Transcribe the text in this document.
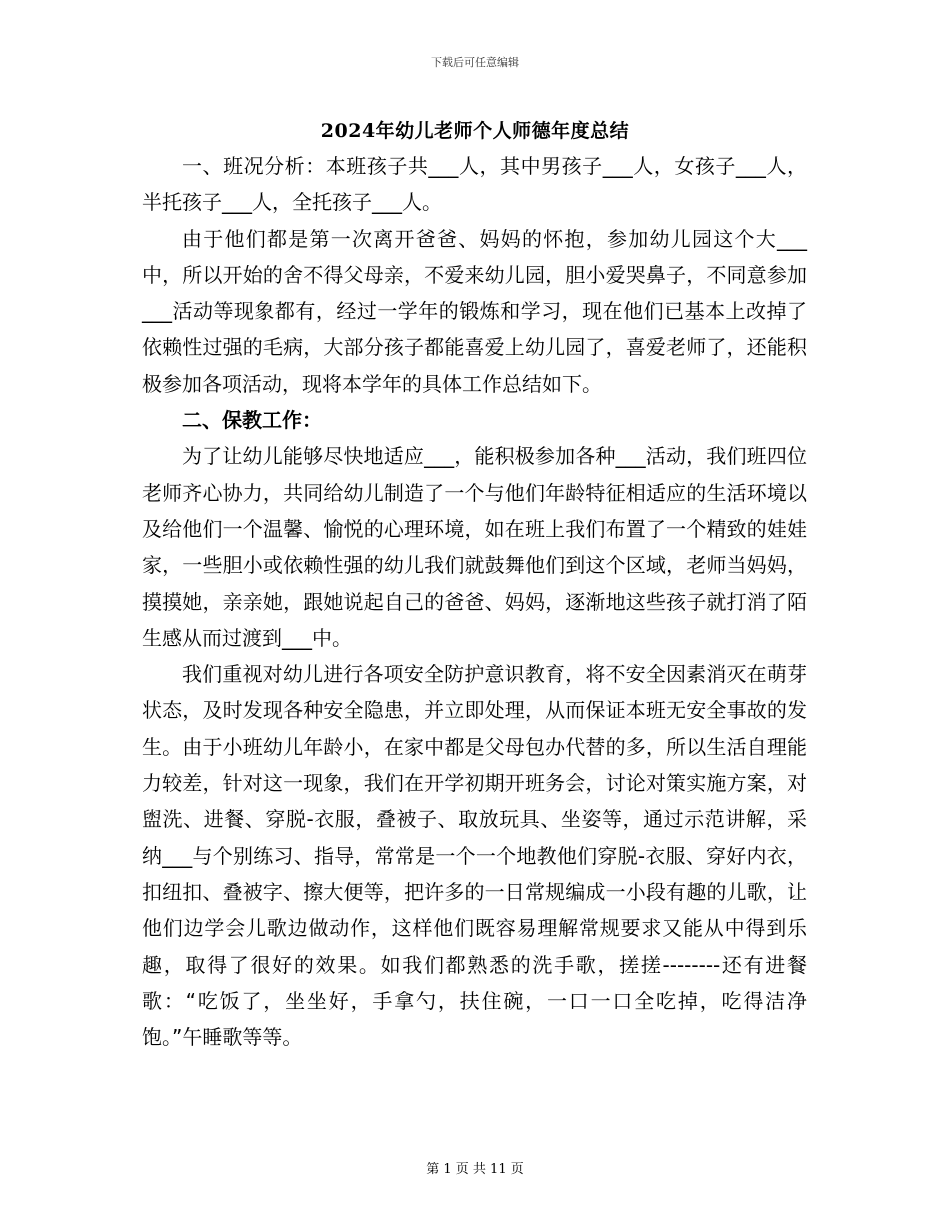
下载后可任意编辑
2024年幼儿老师个人师德年度总结

一、班况分析：本班孩子共___人，其中男孩子___人，女孩子___人，半托孩子___人，全托孩子___人。

由于他们都是第一次离开爸爸、妈妈的怀抱，参加幼儿园这个大___中，所以开始的舍不得父母亲，不爱来幼儿园，胆小爱哭鼻子，不同意参加___活动等现象都有，经过一学年的锻炼和学习，现在他们已基本上改掉了依赖性过强的毛病，大部分孩子都能喜爱上幼儿园了，喜爱老师了，还能积极参加各项活动，现将本学年的具体工作总结如下。

二、保教工作：

为了让幼儿能够尽快地适应___，能积极参加各种___活动，我们班四位老师齐心协力，共同给幼儿制造了一个与他们年龄特征相适应的生活环境以及给他们一个温馨、愉悦的心理环境，如在班上我们布置了一个精致的娃娃家，一些胆小或依赖性强的幼儿我们就鼓舞他们到这个区域，老师当妈妈，摸摸她，亲亲她，跟她说起自己的爸爸、妈妈，逐渐地这些孩子就打消了陌生感从而过渡到___中。

我们重视对幼儿进行各项安全防护意识教育，将不安全因素消灭在萌芽状态，及时发现各种安全隐患，并立即处理，从而保证本班无安全事故的发生。由于小班幼儿年龄小，在家中都是父母包办代替的多，所以生活自理能力较差，针对这一现象，我们在开学初期开班务会，讨论对策实施方案，对盥洗、进餐、穿脱-衣服，叠被子、取放玩具、坐姿等，通过示范讲解，采纳___与个别练习、指导，常常是一个一个地教他们穿脱-衣服、穿好内衣，扣纽扣、叠被字、擦大便等，把许多的一日常规编成一小段有趣的儿歌，让他们边学会儿歌边做动作，这样他们既容易理解常规要求又能从中得到乐趣，取得了很好的效果。如我们都熟悉的洗手歌，搓搓--------还有进餐歌：“吃饭了，坐坐好，手拿勺，扶住碗，一口一口全吃掉，吃得洁净饱。”午睡歌等等。

第 1 页 共 11 页
